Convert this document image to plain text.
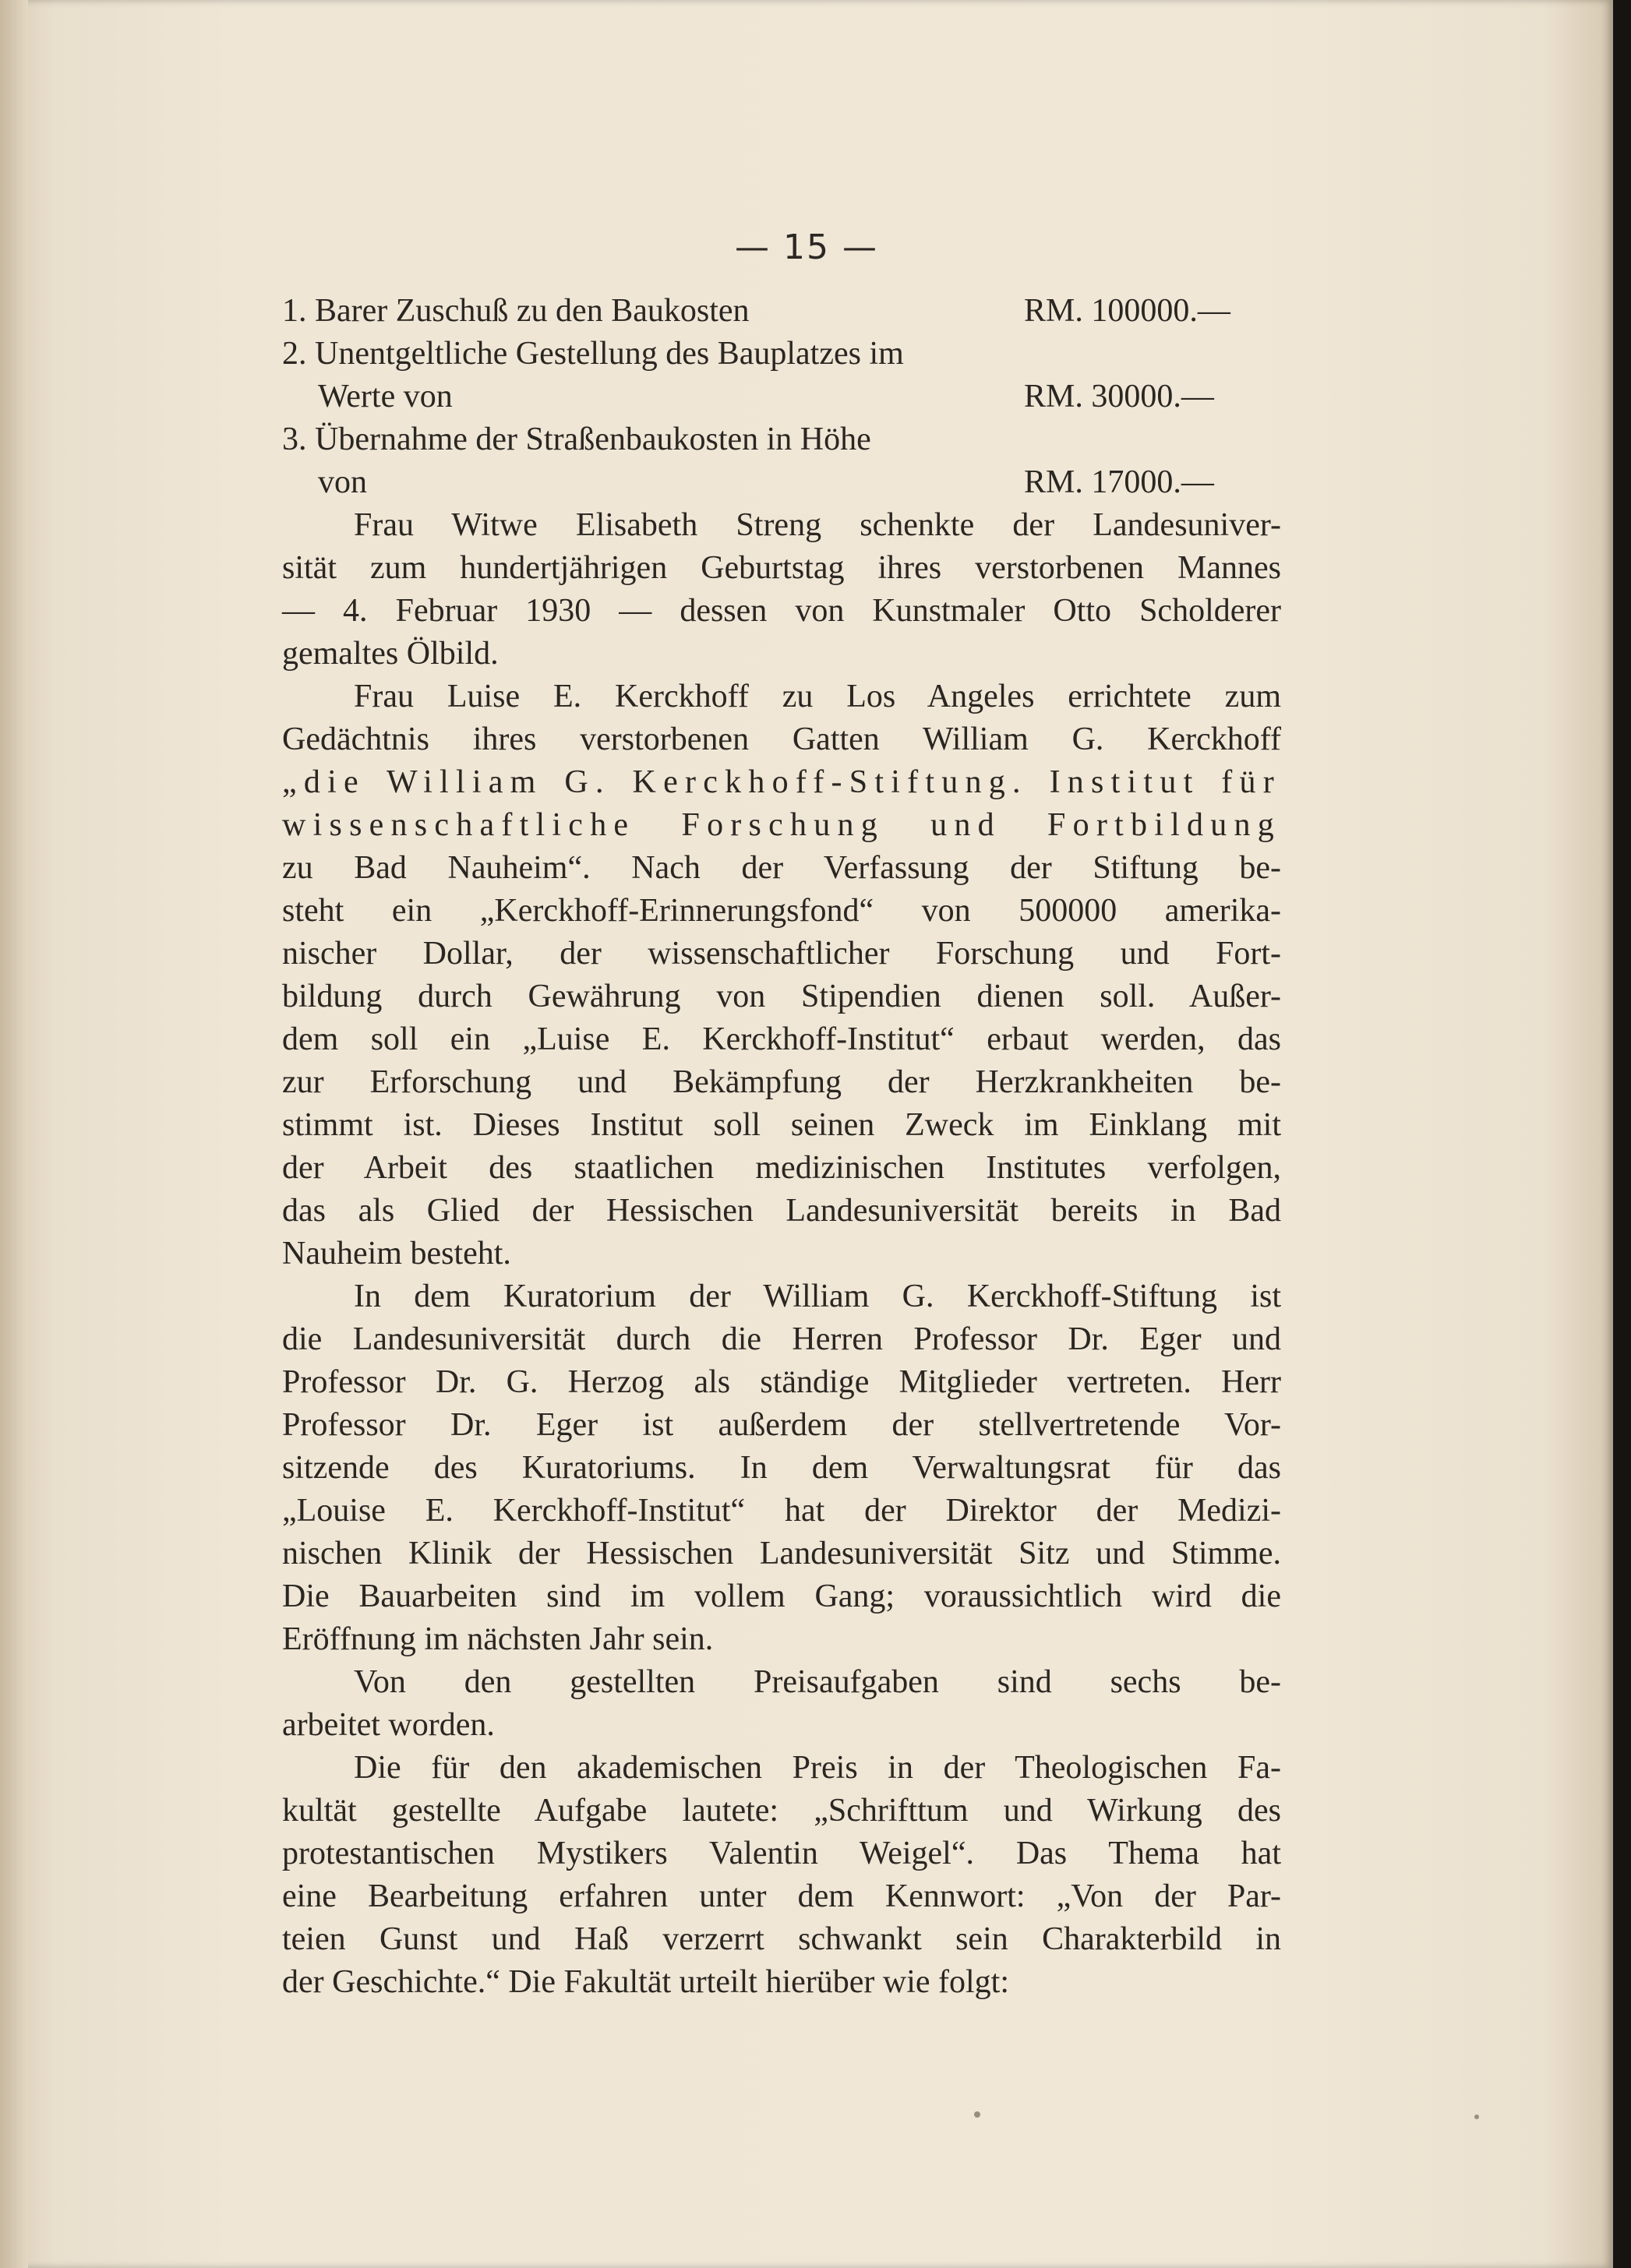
— 15 —
1. Barer Zuschuß zu den Baukosten	RM. 100000.—
2. Unentgeltliche Gestellung des Bauplatzes im
Werte von	RM. 30000.—
3. Übernahme der Straßenbaukosten in Höhe
von	RM. 17000.—
Frau Witwe Elisabeth Streng schenkte der Landesuniver-
sität zum hundertjährigen Geburtstag ihres verstorbenen Mannes
— 4. Februar 1930 — dessen von Kunstmaler Otto Scholderer
gemaltes Ölbild.
Frau Luise E. Kerckhoff zu Los Angeles errichtete zum
Gedächtnis ihres verstorbenen Gatten William G. Kerckhoff
„die William G. Kerckhoff-Stiftung. Institut für
wissenschaftliche Forschung und Fortbildung
zu Bad Nauheim“. Nach der Verfassung der Stiftung be-
steht ein „Kerckhoff-Erinnerungsfond“ von 500000 amerika-
nischer Dollar, der wissenschaftlicher Forschung und Fort-
bildung durch Gewährung von Stipendien dienen soll. Außer-
dem soll ein „Luise E. Kerckhoff-Institut“ erbaut werden, das
zur Erforschung und Bekämpfung der Herzkrankheiten be-
stimmt ist. Dieses Institut soll seinen Zweck im Einklang mit
der Arbeit des staatlichen medizinischen Institutes verfolgen,
das als Glied der Hessischen Landesuniversität bereits in Bad
Nauheim besteht.
In dem Kuratorium der William G. Kerckhoff-Stiftung ist
die Landesuniversität durch die Herren Professor Dr. Eger und
Professor Dr. G. Herzog als ständige Mitglieder vertreten. Herr
Professor Dr. Eger ist außerdem der stellvertretende Vor-
sitzende des Kuratoriums. In dem Verwaltungsrat für das
„Louise E. Kerckhoff-Institut“ hat der Direktor der Medizi-
nischen Klinik der Hessischen Landesuniversität Sitz und Stimme.
Die Bauarbeiten sind im vollem Gang; voraussichtlich wird die
Eröffnung im nächsten Jahr sein.
Von den gestellten Preisaufgaben sind sechs be-
arbeitet worden.
Die für den akademischen Preis in der Theologischen Fa-
kultät gestellte Aufgabe lautete: „Schrifttum und Wirkung des
protestantischen Mystikers Valentin Weigel“. Das Thema hat
eine Bearbeitung erfahren unter dem Kennwort: „Von der Par-
teien Gunst und Haß verzerrt schwankt sein Charakterbild in
der Geschichte.“ Die Fakultät urteilt hierüber wie folgt:
